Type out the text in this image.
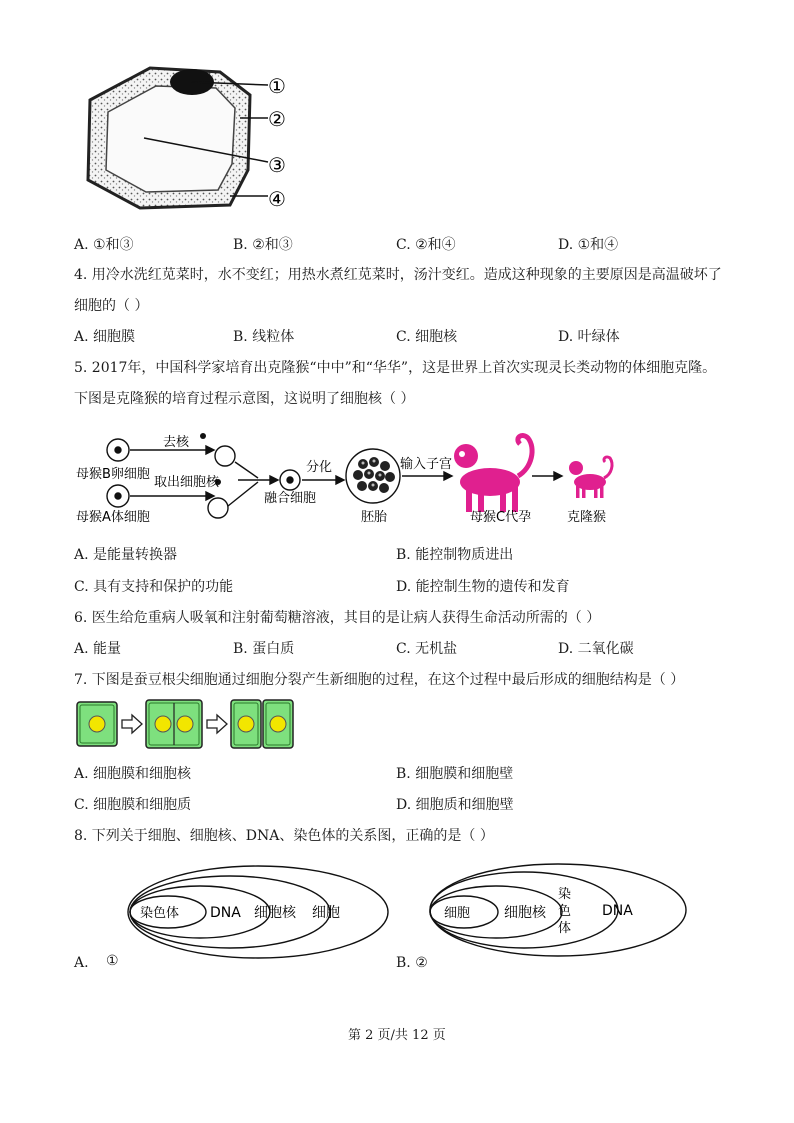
①
②
③
④
A. ①和③	B. ②和③	C. ②和④	D. ①和④
4. 用冷水洗红苋菜时，水不变红；用热水煮红苋菜时，汤汁变红。造成这种现象的主要原因是高温破坏了
细胞的（ ）
A. 细胞膜	B. 线粒体	C. 细胞核	D. 叶绿体
5. 2017年，中国科学家培育出克隆猴“中中”和“华华”，这是世界上首次实现灵长类动物的体细胞克隆。
下图是克隆猴的培育过程示意图，这说明了细胞核（ ）
去核
母猴B卵细胞
取出细胞核
母猴A体细胞
融合细胞
分化
胚胎
输入子宫
母猴C代孕	克隆猴
A. 是能量转换器	B. 能控制物质进出
C. 具有支持和保护的功能	D. 能控制生物的遗传和发育
6. 医生给危重病人吸氧和注射葡萄糖溶液，其目的是让病人获得生命活动所需的（ ）
A. 能量	B. 蛋白质	C. 无机盐	D. 二氧化碳
7. 下图是蚕豆根尖细胞通过细胞分裂产生新细胞的过程，在这个过程中最后形成的细胞结构是（ ）
A. 细胞膜和细胞核	B. 细胞膜和细胞壁
C. 细胞膜和细胞质	D. 细胞质和细胞壁
8. 下列关于细胞、细胞核、DNA、染色体的关系图，正确的是（ ）
染色体 DNA 细胞核 细胞	细胞 细胞核
染
色
体
DNA
A. ①	B. ②
第 2 页/共 12 页
